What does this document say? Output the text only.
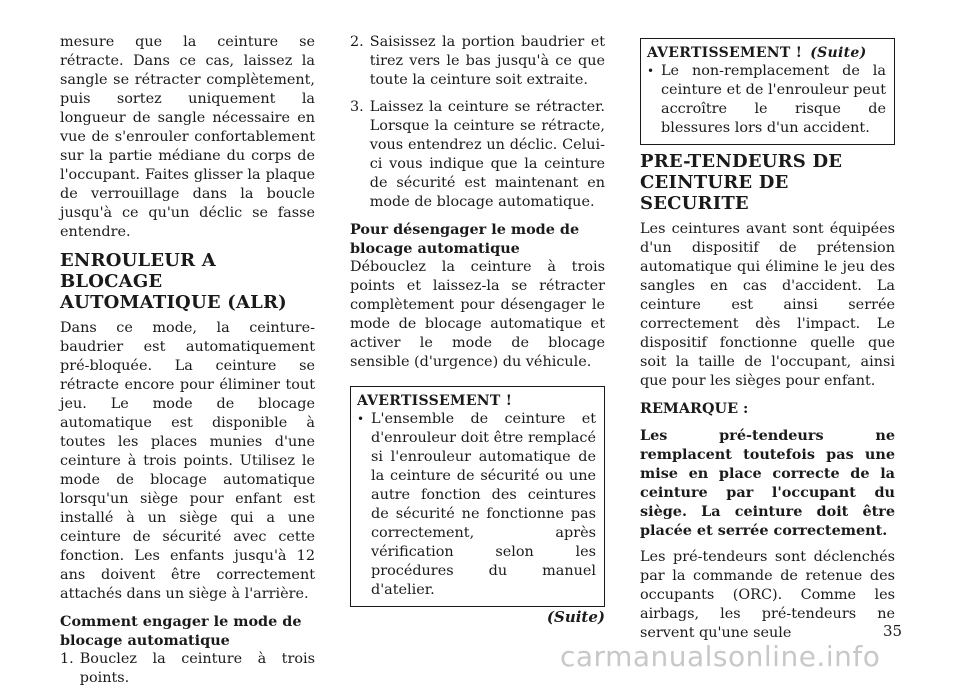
mesure que la ceinture se rétracte. Dans ce cas, laissez la sangle se rétracter complètement, puis sortez uniquement la longueur de sangle nécessaire en vue de s'enrouler confortablement sur la partie médiane du corps de l'occupant. Faites glisser la plaque de verrouillage dans la boucle jusqu'à ce qu'un déclic se fasse entendre.

ENROULEUR A BLOCAGE AUTOMATIQUE (ALR)

Dans ce mode, la ceinture-baudrier est automatiquement pré-bloquée. La ceinture se rétracte encore pour éliminer tout jeu. Le mode de blocage automatique est disponible à toutes les places munies d'une ceinture à trois points. Utilisez le mode de blocage automatique lorsqu'un siège pour enfant est installé à un siège qui a une ceinture de sécurité avec cette fonction. Les enfants jusqu'à 12 ans doivent être correctement attachés dans un siège à l'arrière.

Comment engager le mode de blocage automatique

1. Bouclez la ceinture à trois points.
2. Saisissez la portion baudrier et tirez vers le bas jusqu'à ce que toute la ceinture soit extraite.
3. Laissez la ceinture se rétracter. Lorsque la ceinture se rétracte, vous entendrez un déclic. Celui-ci vous indique que la ceinture de sécurité est maintenant en mode de blocage automatique.

Pour désengager le mode de blocage automatique

Débouclez la ceinture à trois points et laissez-la se rétracter complètement pour désengager le mode de blocage automatique et activer le mode de blocage sensible (d'urgence) du véhicule.

AVERTISSEMENT !
• L'ensemble de ceinture et d'enrouleur doit être remplacé si l'enrouleur automatique de la ceinture de sécurité ou une autre fonction des ceintures de sécurité ne fonctionne pas correctement, après vérification selon les procédures du manuel d'atelier.
(Suite)
AVERTISSEMENT ! (Suite)
• Le non-remplacement de la ceinture et de l'enrouleur peut accroître le risque de blessures lors d'un accident.
PRE-TENDEURS DE CEINTURE DE SECURITE

Les ceintures avant sont équipées d'un dispositif de prétension automatique qui élimine le jeu des sangles en cas d'accident. La ceinture est ainsi serrée correctement dès l'impact. Le dispositif fonctionne quelle que soit la taille de l'occupant, ainsi que pour les sièges pour enfant.

REMARQUE :

Les pré-tendeurs ne remplacent toutefois pas une mise en place correcte de la ceinture par l'occupant du siège. La ceinture doit être placée et serrée correctement.

Les pré-tendeurs sont déclenchés par la commande de retenue des occupants (ORC). Comme les airbags, les pré-tendeurs ne servent qu'une seule	35
carmanualsonline.info
